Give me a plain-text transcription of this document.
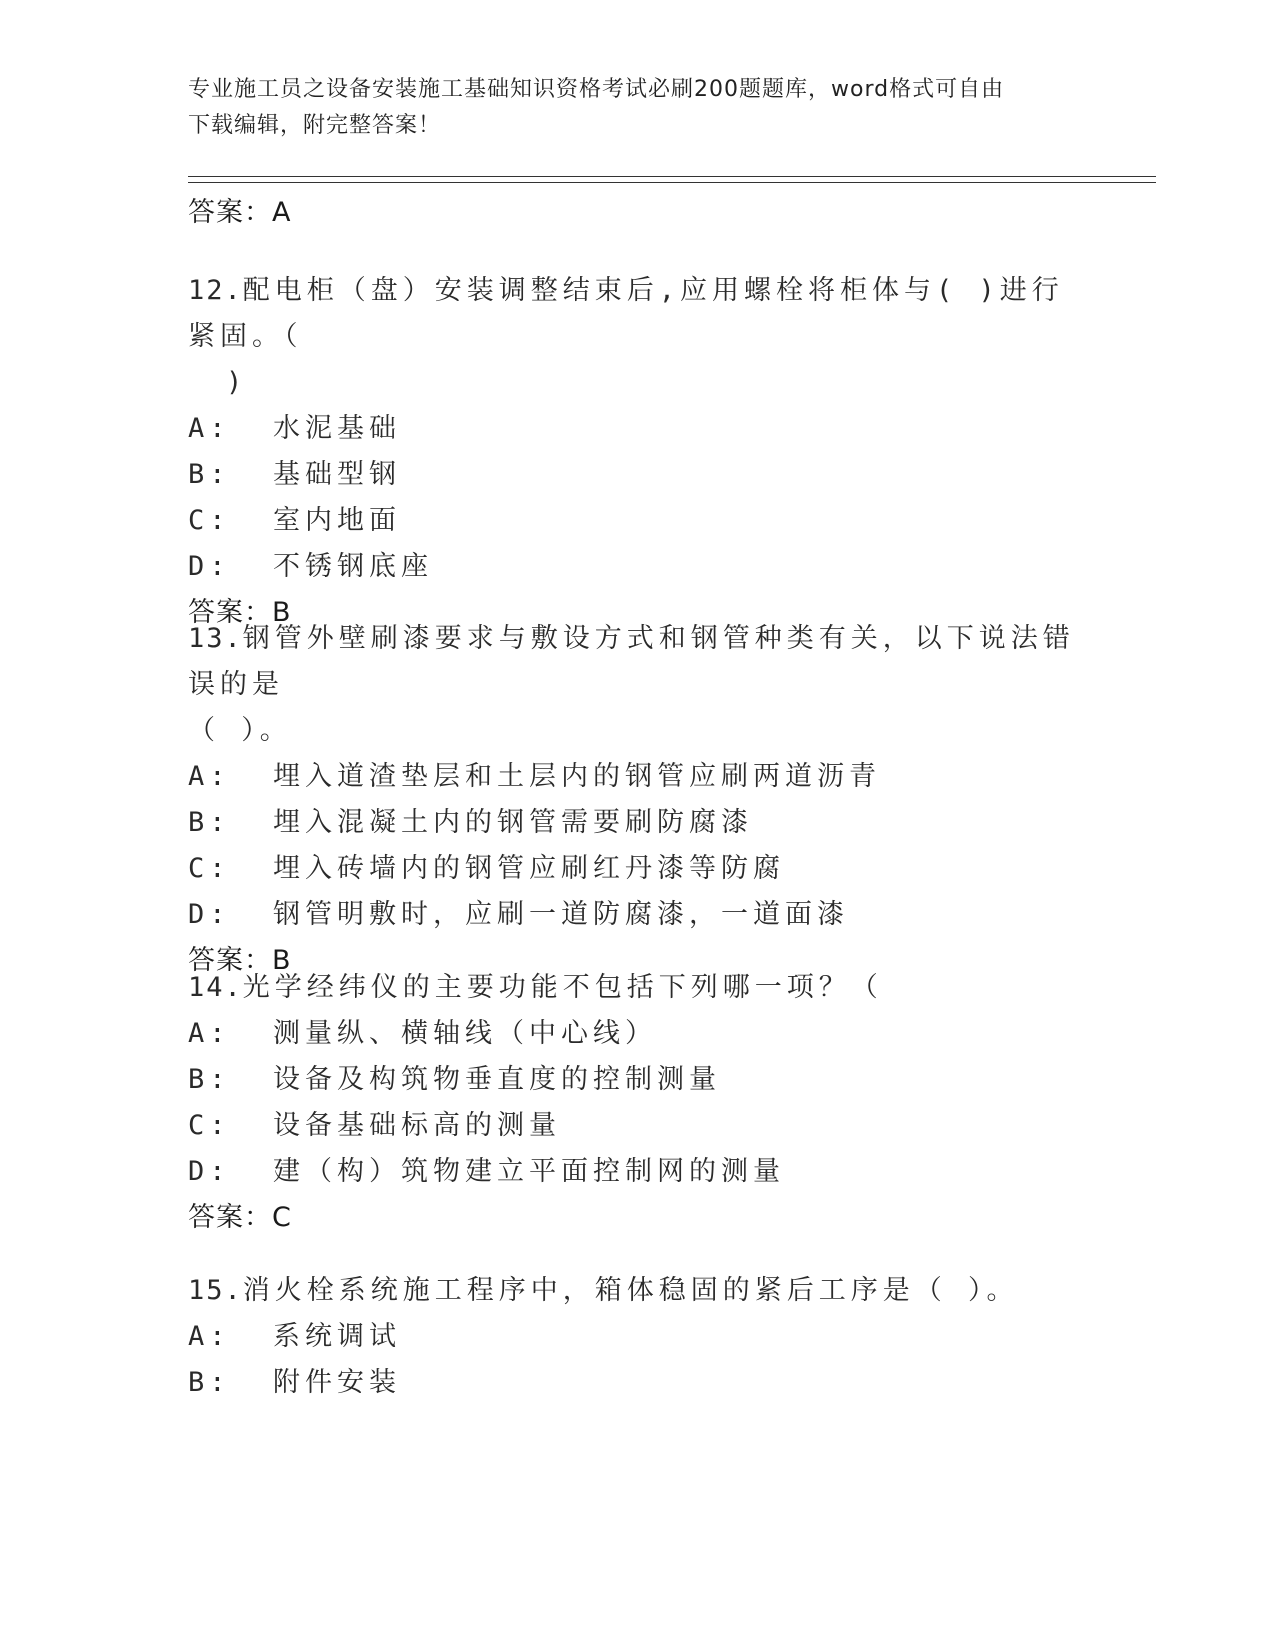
专业施工员之设备安装施工基础知识资格考试必刷200题题库，word格式可自由
下载编辑，附完整答案！
答案：A
12.配电柜（盘）安装调整结束后,应用螺栓将柜体与( )进行紧固。（
)
A:  水泥基础
B:  基础型钢
C:  室内地面
D:  不锈钢底座
答案：B
13.钢管外壁刷漆要求与敷设方式和钢管种类有关，以下说法错误的是
（ ）。
A:  埋入道渣垫层和土层内的钢管应刷两道沥青
B:  埋入混凝土内的钢管需要刷防腐漆
C:  埋入砖墙内的钢管应刷红丹漆等防腐
D:  钢管明敷时，应刷一道防腐漆，一道面漆
答案：B
14.光学经纬仪的主要功能不包括下列哪一项？（
A:  测量纵、横轴线（中心线）
B:  设备及构筑物垂直度的控制测量
C:  设备基础标高的测量
D:  建（构）筑物建立平面控制网的测量
答案：C
15.消火栓系统施工程序中，箱体稳固的紧后工序是（ ）。
A:  系统调试
B:  附件安装
